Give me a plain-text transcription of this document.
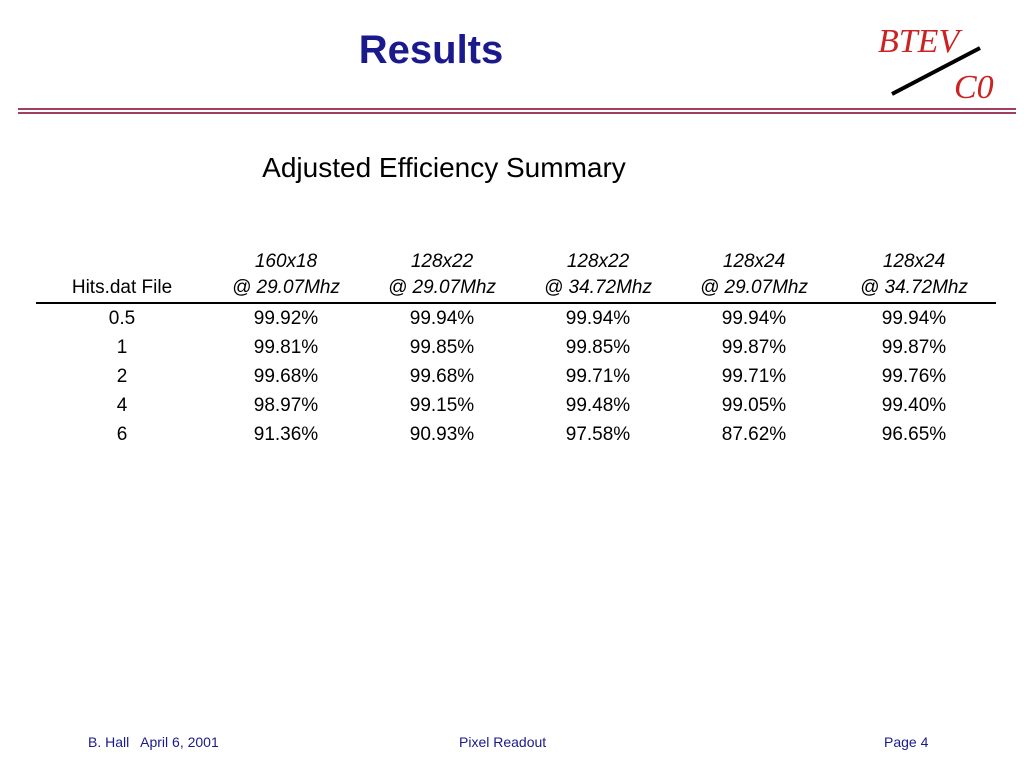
Results	BTEV
C0
Adjusted Efficiency Summary
	160x18	128x22	128x22	128x24	128x24
Hits.dat File	@ 29.07Mhz	@ 29.07Mhz	@ 34.72Mhz	@ 29.07Mhz	@ 34.72Mhz
0.5	99.92%	99.94%	99.94%	99.94%	99.94%
1	99.81%	99.85%	99.85%	99.87%	99.87%
2	99.68%	99.68%	99.71%	99.71%	99.76%
4	98.97%	99.15%	99.48%	99.05%	99.40%
6	91.36%	90.93%	97.58%	87.62%	96.65%
B. Hall   April 6, 2001	Pixel Readout	Page 4
